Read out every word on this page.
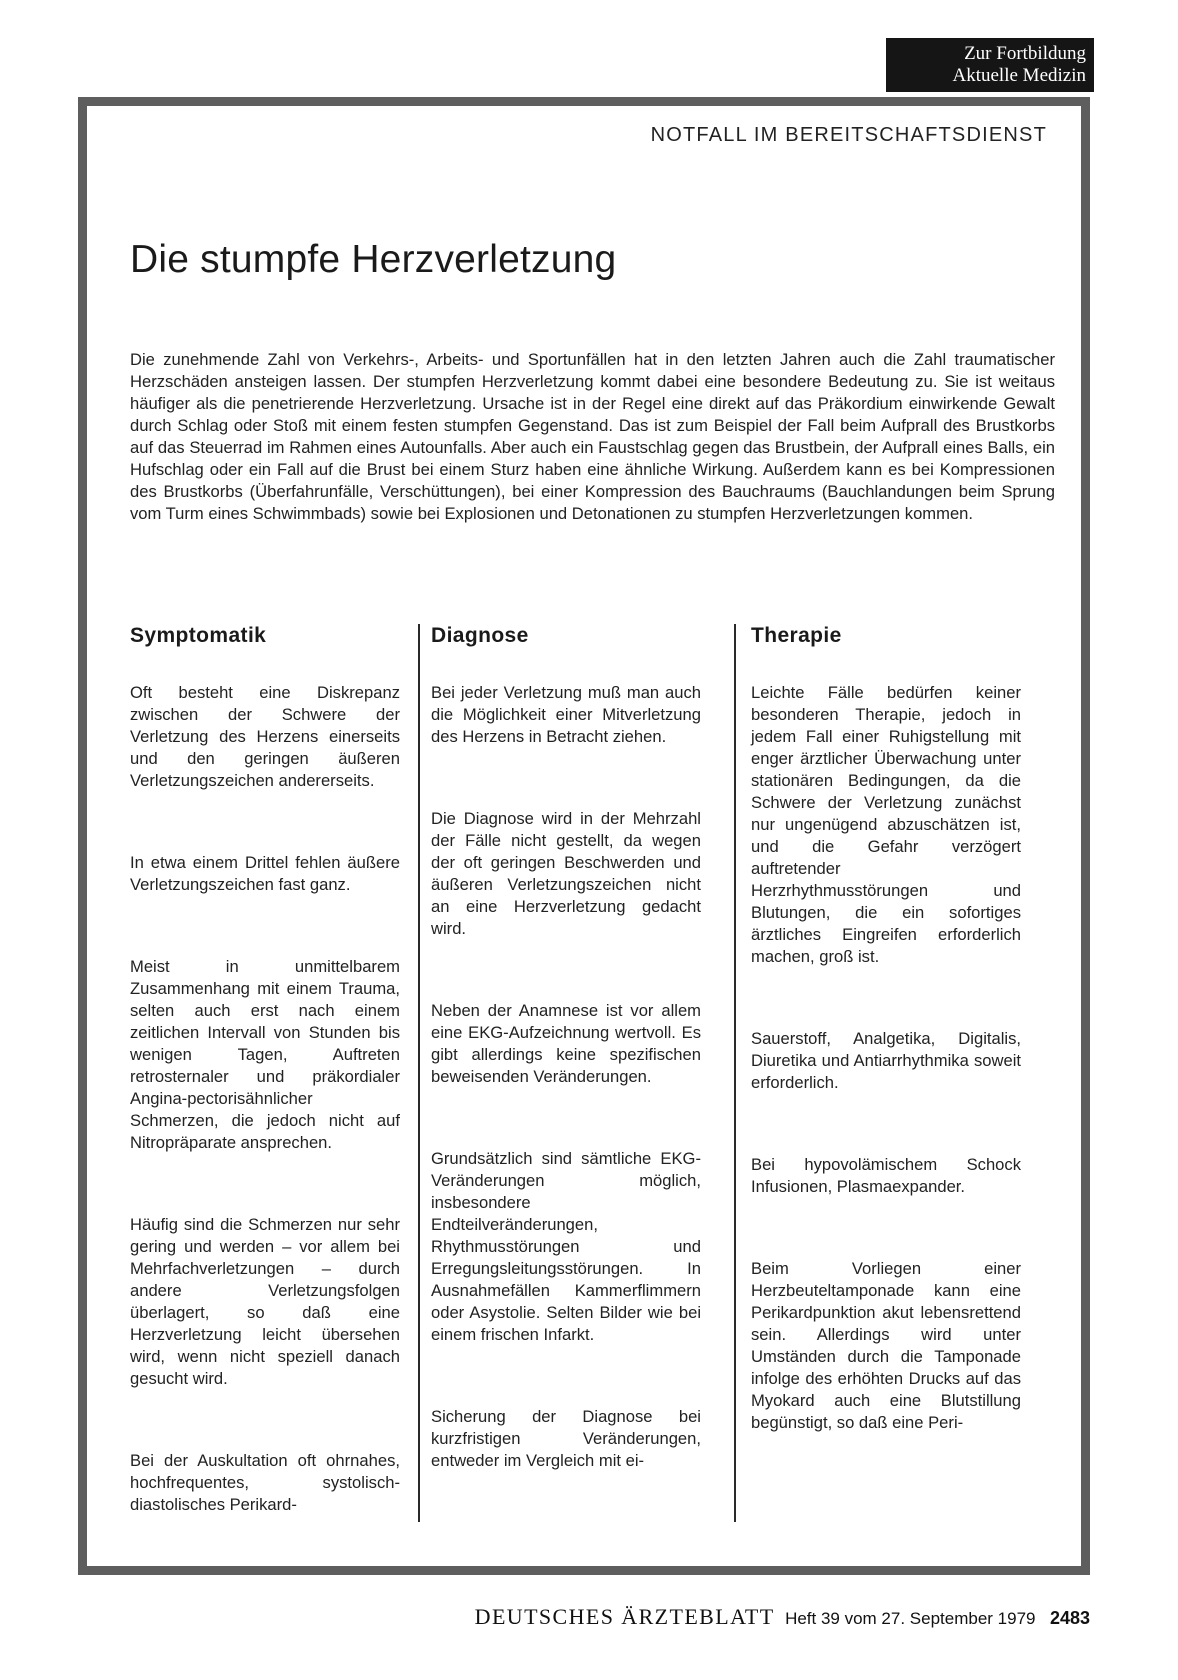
Zur Fortbildung
Aktuelle Medizin
NOTFALL IM BEREITSCHAFTSDIENST
Die stumpfe Herzverletzung

Die zunehmende Zahl von Verkehrs-, Arbeits- und Sportunfällen hat in den letzten Jahren auch die Zahl traumatischer Herzschäden ansteigen lassen. Der stumpfen Herzverletzung kommt dabei eine besondere Bedeutung zu. Sie ist weitaus häufiger als die penetrierende Herzverletzung. Ursache ist in der Regel eine direkt auf das Präkordium einwirkende Gewalt durch Schlag oder Stoß mit einem festen stumpfen Gegenstand. Das ist zum Beispiel der Fall beim Aufprall des Brustkorbs auf das Steuerrad im Rahmen eines Autounfalls. Aber auch ein Faustschlag gegen das Brustbein, der Aufprall eines Balls, ein Hufschlag oder ein Fall auf die Brust bei einem Sturz haben eine ähnliche Wirkung. Außerdem kann es bei Kompressionen des Brustkorbs (Überfahrunfälle, Verschüttungen), bei einer Kompression des Bauchraums (Bauchlandungen beim Sprung vom Turm eines Schwimmbads) sowie bei Explosionen und Detonationen zu stumpfen Herzverletzungen kommen.

Symptomatik

Oft besteht eine Diskrepanz zwischen der Schwere der Verletzung des Herzens einerseits und den geringen äußeren Verletzungszeichen andererseits.

In etwa einem Drittel fehlen äußere Verletzungszeichen fast ganz.

Meist in unmittelbarem Zusammenhang mit einem Trauma, selten auch erst nach einem zeitlichen Intervall von Stunden bis wenigen Tagen, Auftreten retrosternaler und präkordialer Angina-pectorisähnlicher Schmerzen, die jedoch nicht auf Nitropräparate ansprechen.

Häufig sind die Schmerzen nur sehr gering und werden – vor allem bei Mehrfachverletzungen – durch andere Verletzungsfolgen überlagert, so daß eine Herzverletzung leicht übersehen wird, wenn nicht speziell danach gesucht wird.

Bei der Auskultation oft ohrnahes, hochfrequentes, systolisch-diastolisches Perikard-

Diagnose

Bei jeder Verletzung muß man auch die Möglichkeit einer Mitverletzung des Herzens in Betracht ziehen.

Die Diagnose wird in der Mehrzahl der Fälle nicht gestellt, da wegen der oft geringen Beschwerden und äußeren Verletzungszeichen nicht an eine Herzverletzung gedacht wird.

Neben der Anamnese ist vor allem eine EKG-Aufzeichnung wertvoll. Es gibt allerdings keine spezifischen beweisenden Veränderungen.

Grundsätzlich sind sämtliche EKG-Veränderungen möglich, insbesondere Endteilveränderungen, Rhythmusstörungen und Erregungsleitungsstörungen. In Ausnahmefällen Kammerflimmern oder Asystolie. Selten Bilder wie bei einem frischen Infarkt.

Sicherung der Diagnose bei kurzfristigen Veränderungen, entweder im Vergleich mit ei-

Therapie

Leichte Fälle bedürfen keiner besonderen Therapie, jedoch in jedem Fall einer Ruhigstellung mit enger ärztlicher Überwachung unter stationären Bedingungen, da die Schwere der Verletzung zunächst nur ungenügend abzuschätzen ist, und die Gefahr verzögert auftretender Herzrhythmusstörungen und Blutungen, die ein sofortiges ärztliches Eingreifen erforderlich machen, groß ist.

Sauerstoff, Analgetika, Digitalis, Diuretika und Antiarrhythmika soweit erforderlich.

Bei hypovolämischem Schock Infusionen, Plasmaexpander.

Beim Vorliegen einer Herzbeuteltamponade kann eine Perikardpunktion akut lebensrettend sein. Allerdings wird unter Umständen durch die Tamponade infolge des erhöhten Drucks auf das Myokard auch eine Blutstillung begünstigt, so daß eine Peri-

DEUTSCHES ÄRZTEBLATT Heft 39 vom 27. September 1979 2483
